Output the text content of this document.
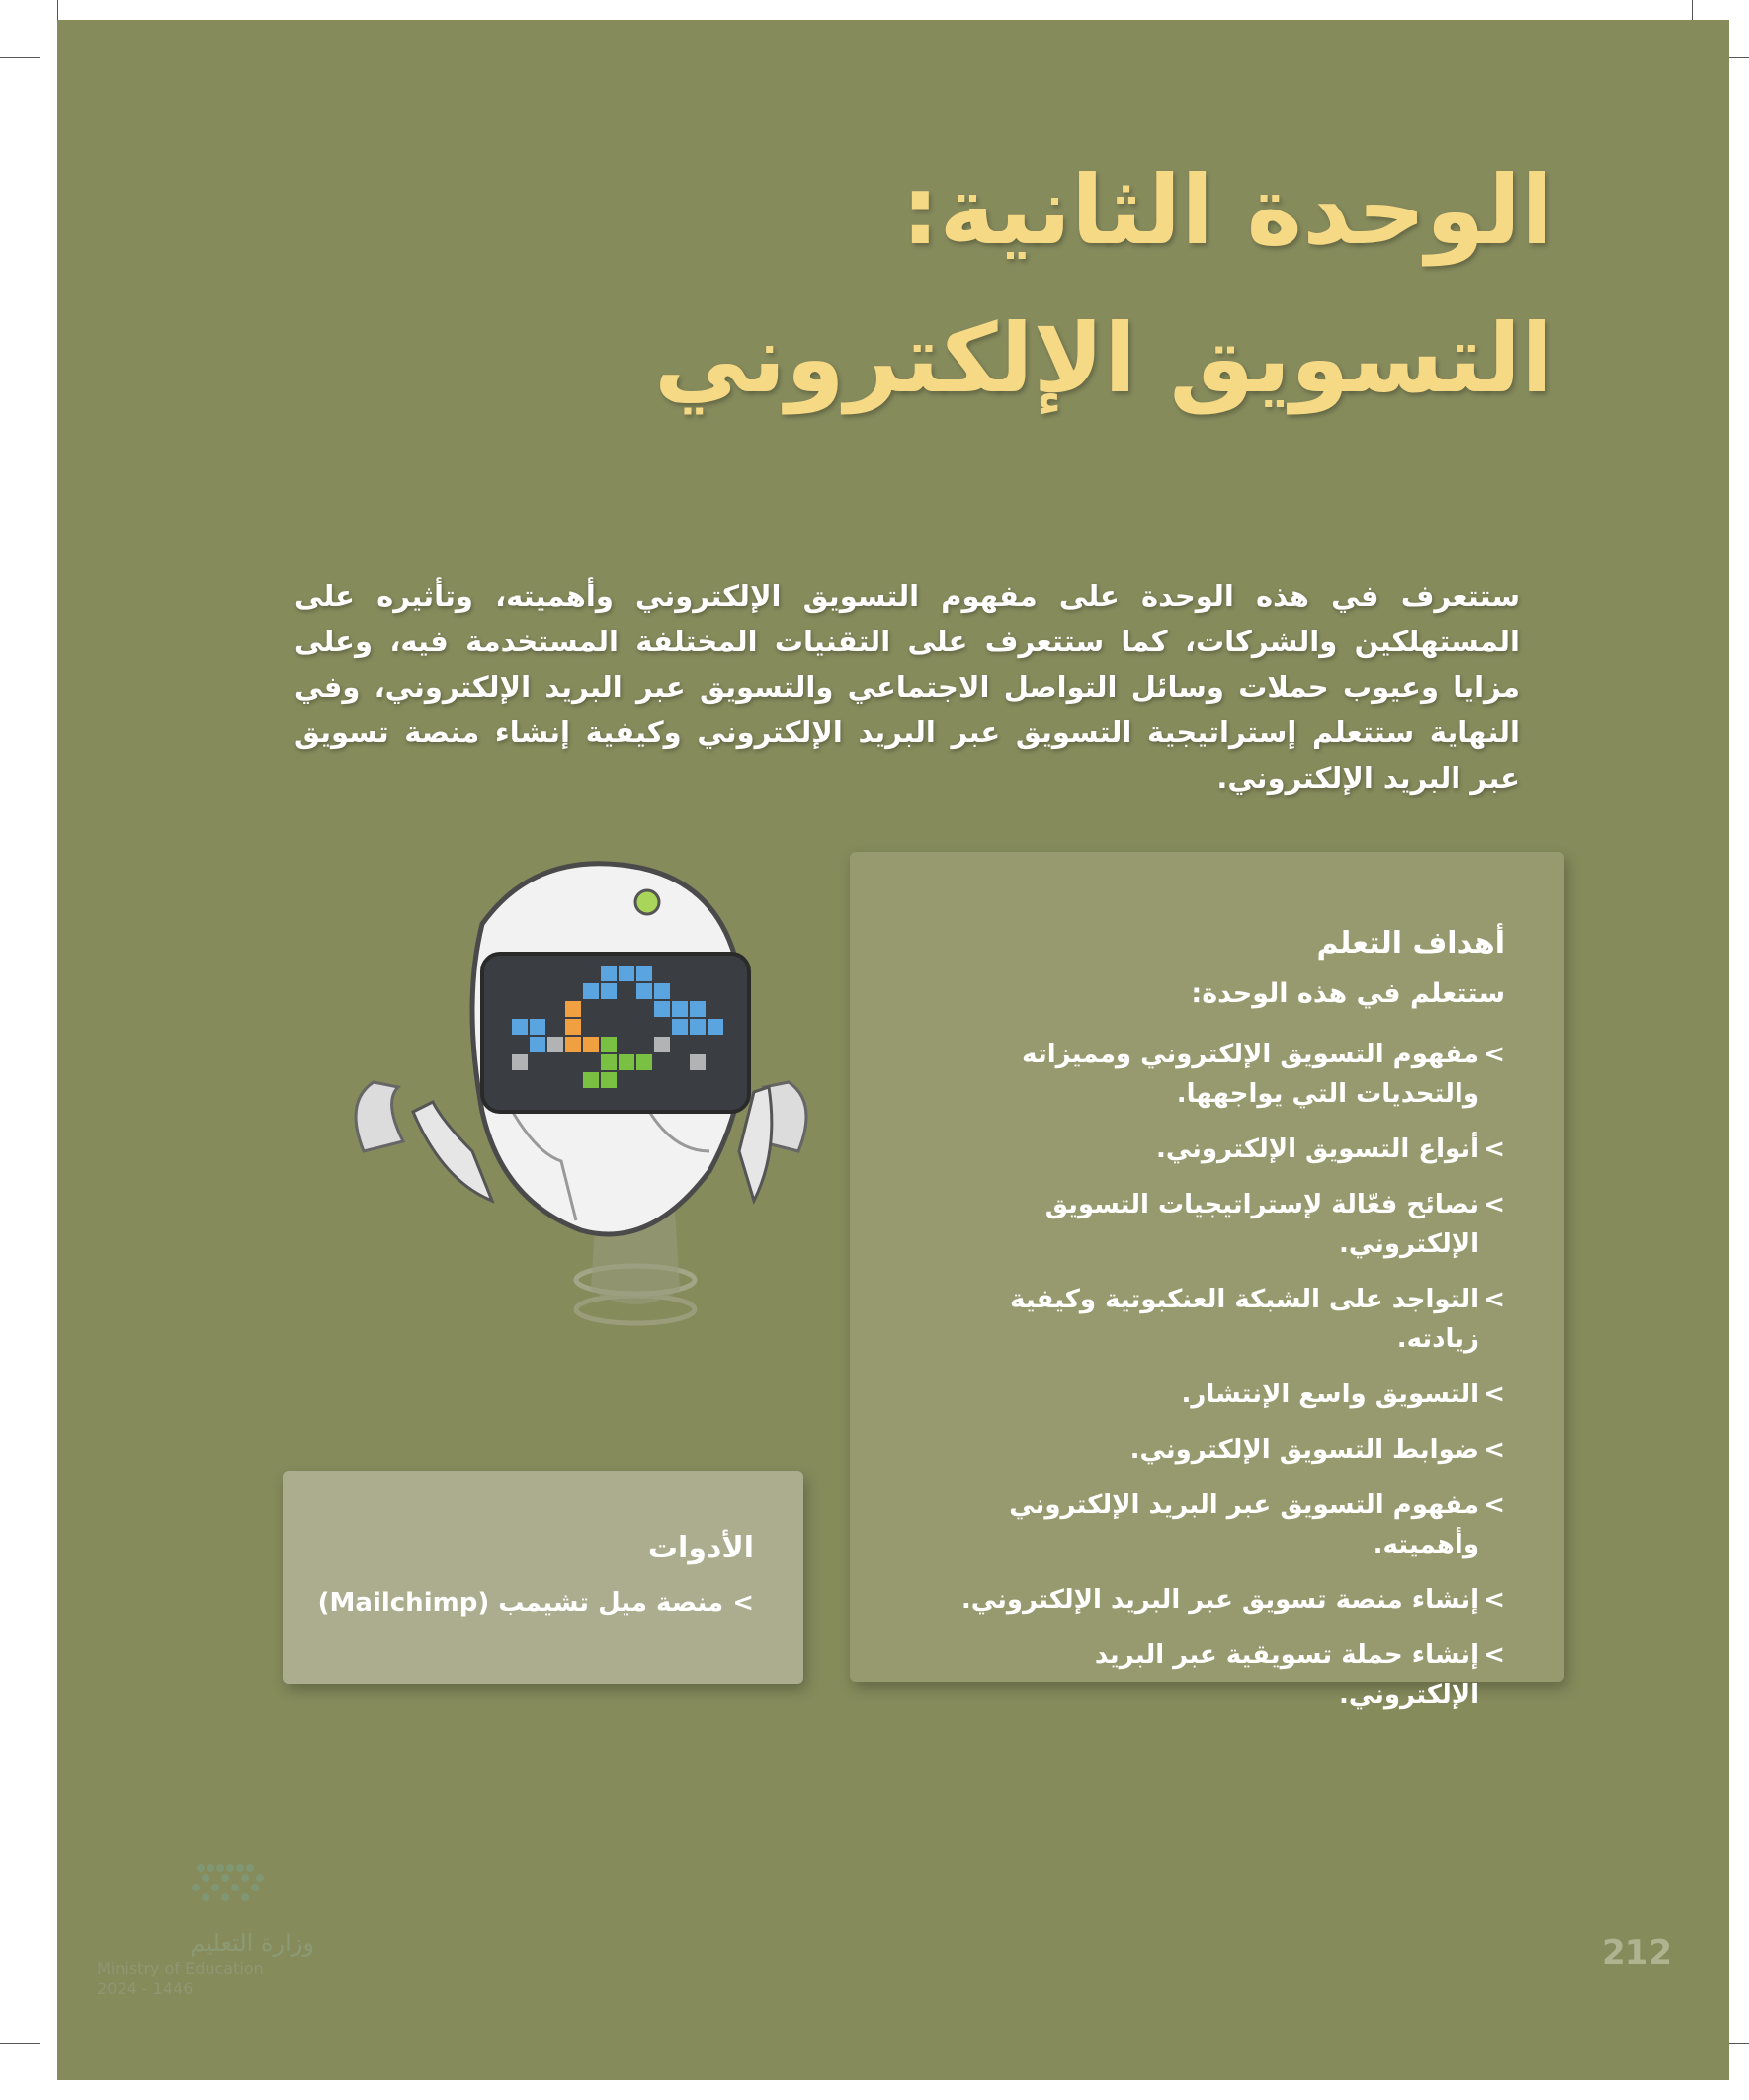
الوحدة الثانية:
التسويق الإلكتروني
ستتعرف في هذه الوحدة على مفهوم التسويق الإلكتروني وأهميته، وتأثيره على المستهلكين والشركات، كما ستتعرف على التقنيات المختلفة المستخدمة فيه، وعلى مزايا وعيوب حملات وسائل التواصل الاجتماعي والتسويق عبر البريد الإلكتروني، وفي النهاية ستتعلم إستراتيجية التسويق عبر البريد الإلكتروني وكيفية إنشاء منصة تسويق عبر البريد الإلكتروني.
أهداف التعلم
ستتعلم في هذه الوحدة:
>
مفهوم التسويق الإلكتروني ومميزاته والتحديات التي يواجهها.
>
أنواع التسويق الإلكتروني.
>
نصائح فعّالة لإستراتيجيات التسويق الإلكتروني.
>
التواجد على الشبكة العنكبوتية وكيفية زيادته.
>
التسويق واسع الإنتشار.
>
ضوابط التسويق الإلكتروني.
>
مفهوم التسويق عبر البريد الإلكتروني وأهميته.
>
إنشاء منصة تسويق عبر البريد الإلكتروني.
>
إنشاء حملة تسويقية عبر البريد الإلكتروني.
الأدوات
> منصة ميل تشيمب (Mailchimp)
وزارة التعليم
Ministry of Education
2024 - 1446
212
